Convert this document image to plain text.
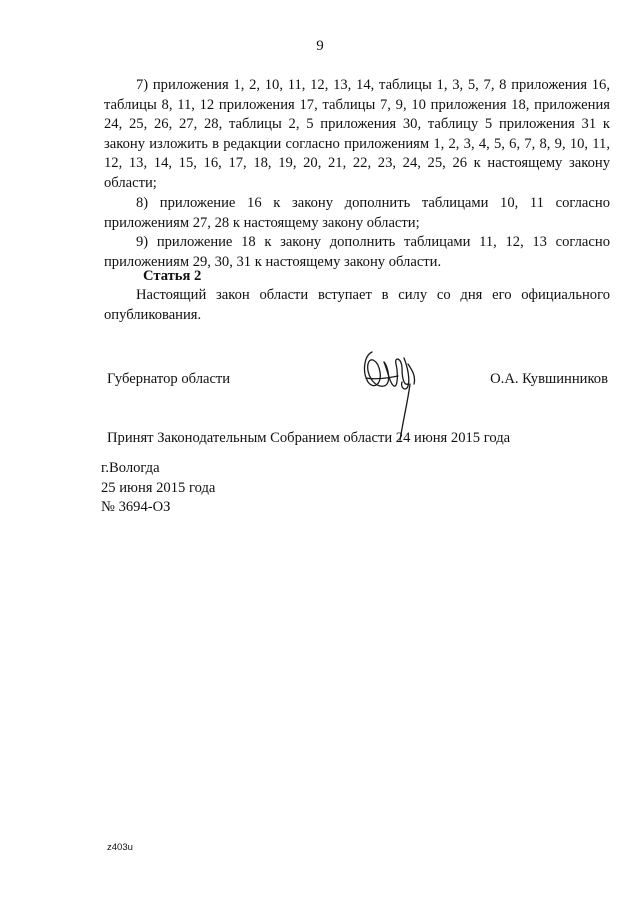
9

7) приложения 1, 2, 10, 11, 12, 13, 14, таблицы 1, 3, 5, 7, 8 приложения 16, таблицы 8, 11, 12 приложения 17, таблицы 7, 9, 10 приложения 18, приложения 24, 25, 26, 27, 28, таблицы 2, 5 приложения 30, таблицу 5 приложения 31 к закону изложить в редакции согласно приложениям 1, 2, 3, 4, 5, 6, 7, 8, 9, 10, 11, 12, 13, 14, 15, 16, 17, 18, 19, 20, 21, 22, 23, 24, 25, 26 к настоящему закону области;

8) приложение 16 к закону дополнить таблицами 10, 11 согласно приложениям 27, 28 к настоящему закону области;

9) приложение 18 к закону дополнить таблицами 11, 12, 13 согласно приложениям 29, 30, 31 к настоящему закону области.

Статья 2

Настоящий закон области вступает в силу со дня его официального опубликования.

Губернатор области	О.А. Кувшинников
Принят Законодательным Собранием области 24 июня 2015 года
г.Вологда
25 июня 2015 года
№ 3694-ОЗ
z403u
